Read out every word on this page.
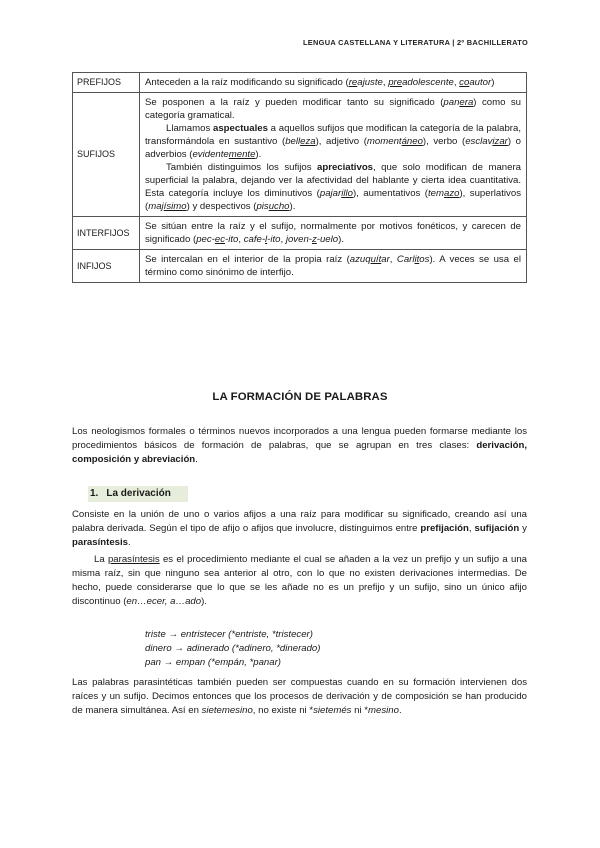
LENGUA CASTELLANA Y LITERATURA | 2º BACHILLERATO
PREFIJOS	Anteceden a la raíz modificando su significado (reajuste, preadolescente, coautor)

SUFIJOS	Se posponen a la raíz y pueden modificar tanto su significado (panera) como su categoría gramatical.

Llamamos aspectuales a aquellos sufijos que modifican la categoría de la palabra, transformándola en sustantivo (belleza), adjetivo (momentáneo), verbo (esclavizar) o adverbios (evidentemente).

También distinguimos los sufijos apreciativos, que solo modifican de manera superficial la palabra, dejando ver la afectividad del hablante y cierta idea cuantitativa. Esta categoría incluye los diminutivos (pajarillo), aumentativos (temazo), superlativos (majísimo) y despectivos (pisucho).

INTERFIJOS	Se sitúan entre la raíz y el sufijo, normalmente por motivos fonéticos, y carecen de significado (pec-ec-ito, cafe-l-ito, joven-z-uelo).

INFIJOS	Se intercalan en el interior de la propia raíz (azuquítar, Carlitos). A veces se usa el término como sinónimo de interfijo.

LA FORMACIÓN DE PALABRAS

Los neologismos formales o términos nuevos incorporados a una lengua pueden formarse mediante los procedimientos básicos de formación de palabras, que se agrupan en tres clases: derivación, composición y abreviación.

1. La derivación

Consiste en la unión de uno o varios afijos a una raíz para modificar su significado, creando así una palabra derivada. Según el tipo de afijo o afijos que involucre, distinguimos entre prefijación, sufijación y parasíntesis.

La parasíntesis es el procedimiento mediante el cual se añaden a la vez un prefijo y un sufijo a una misma raíz, sin que ninguno sea anterior al otro, con lo que no existen derivaciones intermedias. De hecho, puede considerarse que lo que se les añade no es un prefijo y un sufijo, sino un único afijo discontinuo (en…ecer, a…ado).

triste → entristecer (*entriste, *tristecer)
dinero → adinerado (*adinero, *dinerado)
pan → empan (*empán, *panar)

Las palabras parasintéticas también pueden ser compuestas cuando en su formación intervienen dos raíces y un sufijo. Decimos entonces que los procesos de derivación y de composición se han producido de manera simultánea. Así en sietemesino, no existe ni *sietemés ni *mesino.
